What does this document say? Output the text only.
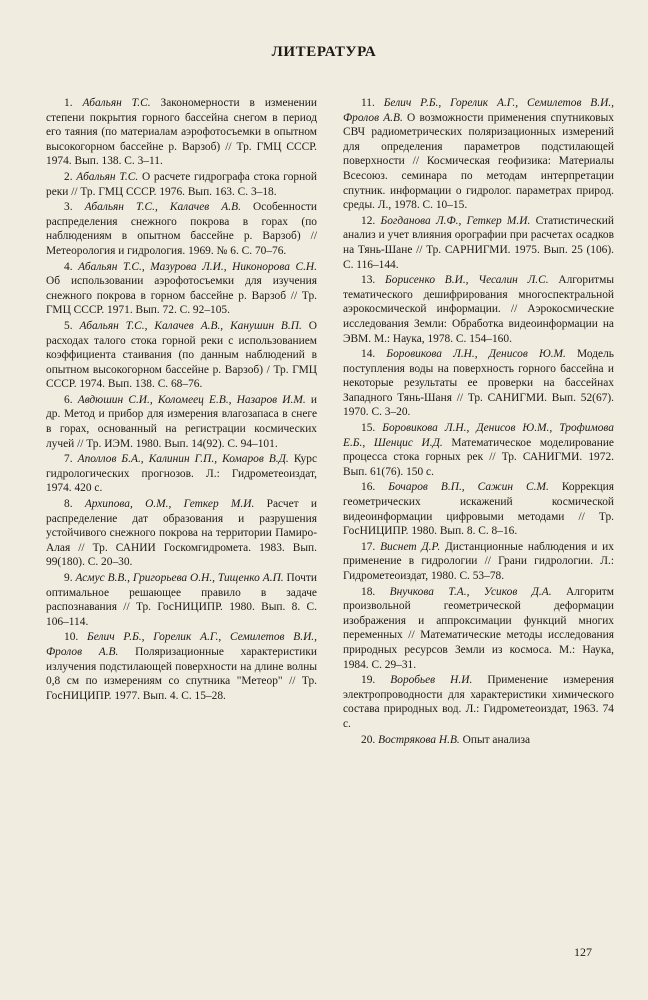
ЛИТЕРАТУРА

1. Абальян Т.С. Закономерности в изменении степени покрытия горного бассейна снегом в период его таяния (по материалам аэрофотосъемки в опытном высокогорном бассейне р. Варзоб) // Тр. ГМЦ СССР. 1974. Вып. 138. С. 3–11.

2. Абальян Т.С. О расчете гидрографа стока горной реки // Тр. ГМЦ СССР. 1976. Вып. 163. С. 3–18.

3. Абальян Т.С., Калачев А.В. Особенности распределения снежного покрова в горах (по наблюдениям в опытном бассейне р. Варзоб) // Метеорология и гидрология. 1969. № 6. С. 70–76.

4. Абальян Т.С., Мазурова Л.И., Никонорова С.Н. Об использовании аэрофотосъемки для изучения снежного покрова в горном бассейне р. Варзоб // Тр. ГМЦ СССР. 1971. Вып. 72. С. 92–105.

5. Абальян Т.С., Калачев А.В., Канушин В.П. О расходах талого стока горной реки с использованием коэффициента стаивания (по данным наблюдений в опытном высокогорном бассейне р. Варзоб) / Тр. ГМЦ СССР. 1974. Вып. 138. С. 68–76.

6. Авдюшин С.И., Коломеец Е.В., Назаров И.М. и др. Метод и прибор для измерения влагозапаса в снеге в горах, основанный на регистрации космических лучей // Тр. ИЭМ. 1980. Вып. 14(92). С. 94–101.

7. Аполлов Б.А., Калинин Г.П., Комаров В.Д. Курс гидрологических прогнозов. Л.: Гидрометеоиздат, 1974. 420 с.

8. Архипова, О.М., Геткер М.И. Расчет и распределение дат образования и разрушения устойчивого снежного покрова на территории Памиро-Алая // Тр. САНИИ Госкомгидромета. 1983. Вып. 99(180). С. 20–30.

9. Асмус В.В., Григорьева О.Н., Тищенко А.П. Почти оптимальное решающее правило в задаче распознавания // Тр. ГосНИЦИПР. 1980. Вып. 8. С. 106–114.

10. Белич Р.Б., Горелик А.Г., Семилетов В.И., Фролов А.В. Поляризационные характеристики излучения подстилающей поверхности на длине волны 0,8 см по измерениям со спутника "Метеор" // Тр. ГосНИЦИПР. 1977. Вып. 4. С. 15–28.

11. Белич Р.Б., Горелик А.Г., Семилетов В.И., Фролов А.В. О возможности применения спутниковых СВЧ радиометрических поляризационных измерений для определения параметров подстилающей поверхности // Космическая геофизика: Материалы Всесоюз. семинара по методам интерпретации спутник. информации о гидролог. параметрах природ. среды. Л., 1978. С. 10–15.

12. Богданова Л.Ф., Геткер М.И. Статистический анализ и учет влияния орографии при расчетах осадков на Тянь-Шане // Тр. САРНИГМИ. 1975. Вып. 25 (106). С. 116–144.

13. Борисенко В.И., Чесалин Л.С. Алгоритмы тематического дешифрирования многоспектральной аэрокосмической информации. // Аэрокосмические исследования Земли: Обработка видеоинформации на ЭВМ. М.: Наука, 1978. С. 154–160.

14. Боровикова Л.Н., Денисов Ю.М. Модель поступления воды на поверхность горного бассейна и некоторые результаты ее проверки на бассейнах Западного Тянь-Шаня // Тр. САНИГМИ. Вып. 52(67). 1970. С. 3–20.

15. Боровикова Л.Н., Денисов Ю.М., Трофимова Е.Б., Шенцис И.Д. Математическое моделирование процесса стока горных рек // Тр. САНИГМИ. 1972. Вып. 61(76). 150 с.

16. Бочаров В.П., Сажин С.М. Коррекция геометрических искажений космической видеоинформации цифровыми методами // Тр. ГосНИЦИПР. 1980. Вып. 8. С. 8–16.

17. Виснет Д.Р. Дистанционные наблюдения и их применение в гидрологии // Грани гидрологии. Л.: Гидрометеоиздат, 1980. С. 53–78.

18. Внучкова Т.А., Усиков Д.А. Алгоритм произвольной геометрической деформации изображения и аппроксимации функций многих переменных // Математические методы исследования природных ресурсов Земли из космоса. М.: Наука, 1984. С. 29–31.

19. Воробьев Н.И. Применение измерения электропроводности для характеристики химического состава природных вод. Л.: Гидрометеоиздат, 1963. 74 с.

20. Вострякова Н.В. Опыт анализа

127
